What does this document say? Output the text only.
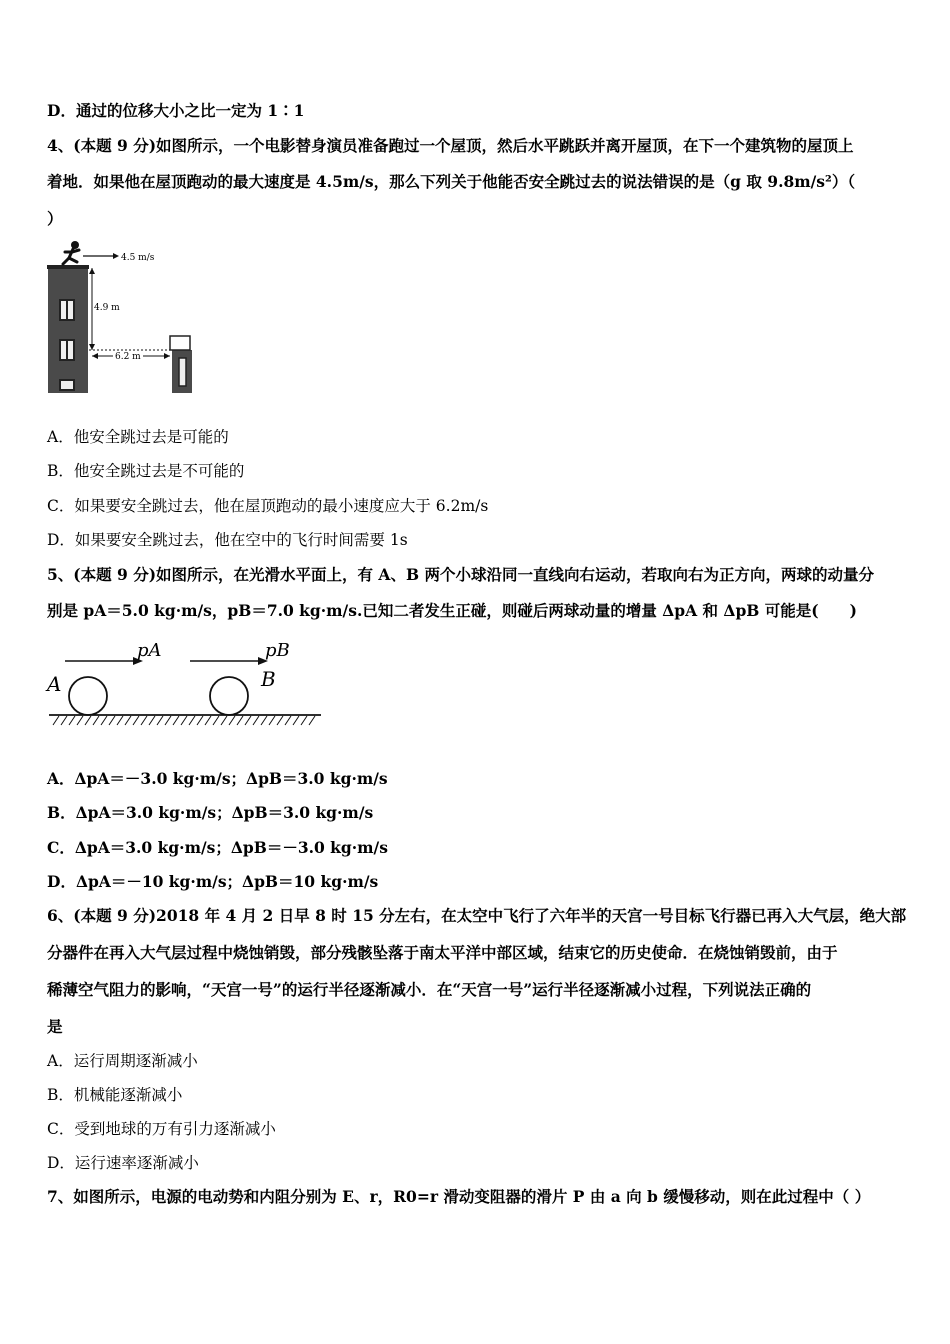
D．通过的位移大小之比一定为 1∶1
4、(本题 9 分)如图所示，一个电影替身演员准备跑过一个屋顶，然后水平跳跃并离开屋顶，在下一个建筑物的屋顶上
着地．如果他在屋顶跑动的最大速度是 4.5m/s，那么下列关于他能否安全跳过去的说法错误的是（g 取 9.8m/s²）（
）
4.5 m/s
4.9 m
6.2 m
A．他安全跳过去是可能的
B．他安全跳过去是不可能的
C．如果要安全跳过去，他在屋顶跑动的最小速度应大于 6.2m/s
D．如果要安全跳过去，他在空中的飞行时间需要 1s
5、(本题 9 分)如图所示，在光滑水平面上，有 A、B 两个小球沿同一直线向右运动，若取向右为正方向，两球的动量分
别是 pA＝5.0 kg·m/s，pB＝7.0 kg·m/s.已知二者发生正碰，则碰后两球动量的增量 ΔpA 和 ΔpB 可能是(　　)
pA	pB
A	B
A．ΔpA＝－3.0 kg·m/s；ΔpB＝3.0 kg·m/s
B．ΔpA＝3.0 kg·m/s；ΔpB＝3.0 kg·m/s
C．ΔpA＝3.0 kg·m/s；ΔpB＝－3.0 kg·m/s
D．ΔpA＝－10 kg·m/s；ΔpB＝10 kg·m/s
6、(本题 9 分)2018 年 4 月 2 日早 8 时 15 分左右，在太空中飞行了六年半的天宫一号目标飞行器已再入大气层，绝大部
分器件在再入大气层过程中烧蚀销毁，部分残骸坠落于南太平洋中部区域，结束它的历史使命．在烧蚀销毁前，由于
稀薄空气阻力的影响，“天宫一号”的运行半径逐渐减小．在“天宫一号”运行半径逐渐减小过程，下列说法正确的
是
A．运行周期逐渐减小
B．机械能逐渐减小
C．受到地球的万有引力逐渐减小
D．运行速率逐渐减小
7、如图所示，电源的电动势和内阻分别为 E、r，R0=r 滑动变阻器的滑片 P 由 a 向 b 缓慢移动，则在此过程中（ ）
